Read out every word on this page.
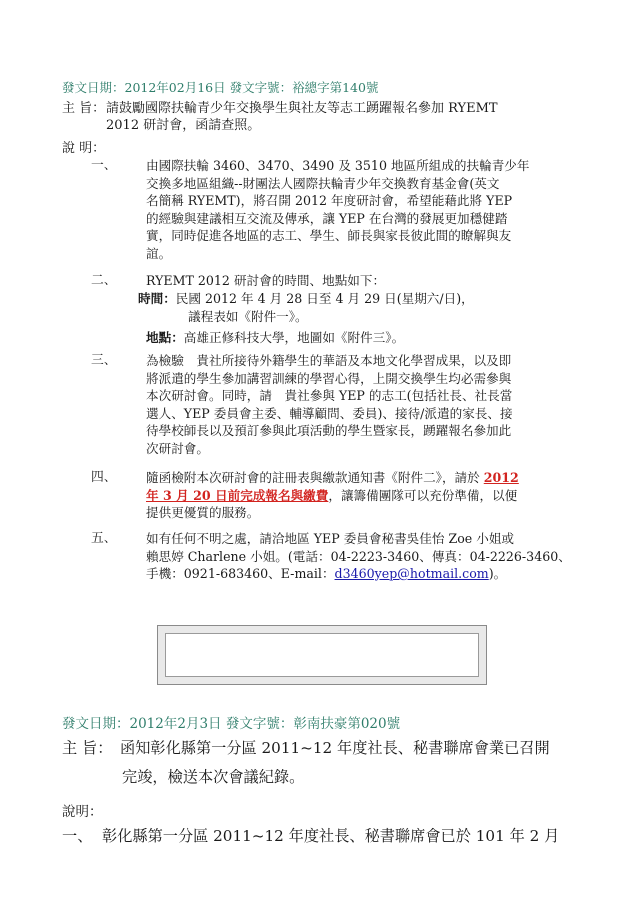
發文日期：2012年02月16日 發文字號：裕總字第140號
主 旨： 請鼓勵國際扶輪青少年交換學生與社友等志工踴躍報名參加 RYEMT
2012 研討會，函請查照。
說 明：
一、 由國際扶輪 3460、3470、3490 及 3510 地區所組成的扶輪青少年
交換多地區組織--財團法人國際扶輪青少年交換教育基金會(英文
名簡稱 RYEMT)，將召開 2012 年度研討會，希望能藉此將 YEP
的經驗與建議相互交流及傳承，讓 YEP 在台灣的發展更加穩健踏
實，同時促進各地區的志工、學生、師長與家長彼此間的瞭解與友
誼。
二、 RYEMT 2012 研討會的時間、地點如下：
時間：民國 2012 年 4 月 28 日至 4 月 29 日(星期六/日)，
議程表如《附件一》。
地點：高雄正修科技大學，地圖如《附件三》。
三、 為檢驗　貴社所接待外籍學生的華語及本地文化學習成果，以及即
將派遣的學生參加講習訓練的學習心得，上開交換學生均必需參與
本次研討會。同時，請　貴社參與 YEP 的志工(包括社長、社長當
選人、YEP 委員會主委、輔導顧問、委員)、接待/派遣的家長、接
待學校師長以及預訂參與此項活動的學生暨家長，踴躍報名參加此
次研討會。
四、 隨函檢附本次研討會的註冊表與繳款通知書《附件二》，請於 2012
年 3 月 20 日前完成報名與繳費，讓籌備團隊可以充份準備，以便
提供更優質的服務。
五、 如有任何不明之處，請洽地區 YEP 委員會秘書吳佳怡 Zoe 小姐或
賴思婷 Charlene 小姐。(電話：04-2223-3460、傳真：04-2226-3460、
手機：0921-683460、E-mail：d3460yep@hotmail.com)。
發文日期：2012年2月3日 發文字號：彰南扶豪第020號
主 旨： 函知彰化縣第一分區 2011~12 年度社長、秘書聯席會業已召開
完竣，檢送本次會議紀錄。
說明：
一、 彰化縣第一分區 2011~12 年度社長、秘書聯席會已於 101 年 2 月
